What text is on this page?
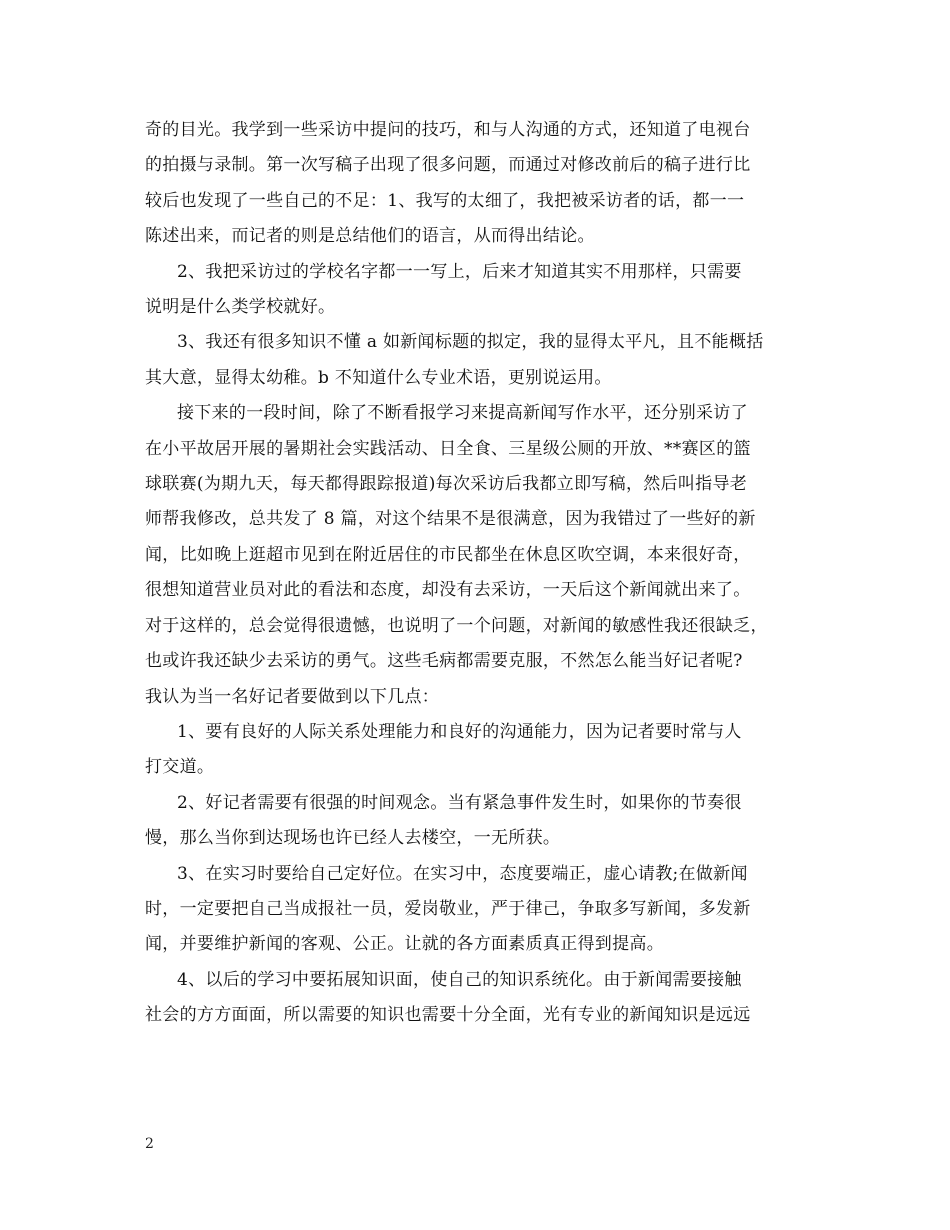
奇的目光。我学到一些采访中提问的技巧，和与人沟通的方式，还知道了电视台
的拍摄与录制。第一次写稿子出现了很多问题，而通过对修改前后的稿子进行比
较后也发现了一些自己的不足：1、我写的太细了，我把被采访者的话，都一一
陈述出来，而记者的则是总结他们的语言，从而得出结论。

2、我把采访过的学校名字都一一写上，后来才知道其实不用那样，只需要
说明是什么类学校就好。

3、我还有很多知识不懂 a 如新闻标题的拟定，我的显得太平凡，且不能概括
其大意，显得太幼稚。b 不知道什么专业术语，更别说运用。

接下来的一段时间，除了不断看报学习来提高新闻写作水平，还分别采访了
在小平故居开展的暑期社会实践活动、日全食、三星级公厕的开放、**赛区的篮
球联赛(为期九天，每天都得跟踪报道)每次采访后我都立即写稿，然后叫指导老
师帮我修改，总共发了 8 篇，对这个结果不是很满意，因为我错过了一些好的新
闻，比如晚上逛超市见到在附近居住的市民都坐在休息区吹空调，本来很好奇，
很想知道营业员对此的看法和态度，却没有去采访，一天后这个新闻就出来了。
对于这样的，总会觉得很遗憾，也说明了一个问题，对新闻的敏感性我还很缺乏，
也或许我还缺少去采访的勇气。这些毛病都需要克服，不然怎么能当好记者呢?
我认为当一名好记者要做到以下几点：

1、要有良好的人际关系处理能力和良好的沟通能力，因为记者要时常与人
打交道。

2、好记者需要有很强的时间观念。当有紧急事件发生时，如果你的节奏很
慢，那么当你到达现场也许已经人去楼空，一无所获。

3、在实习时要给自己定好位。在实习中，态度要端正，虚心请教;在做新闻
时，一定要把自己当成报社一员，爱岗敬业，严于律己，争取多写新闻，多发新
闻，并要维护新闻的客观、公正。让就的各方面素质真正得到提高。

4、以后的学习中要拓展知识面，使自己的知识系统化。由于新闻需要接触
社会的方方面面，所以需要的知识也需要十分全面，光有专业的新闻知识是远远

2
